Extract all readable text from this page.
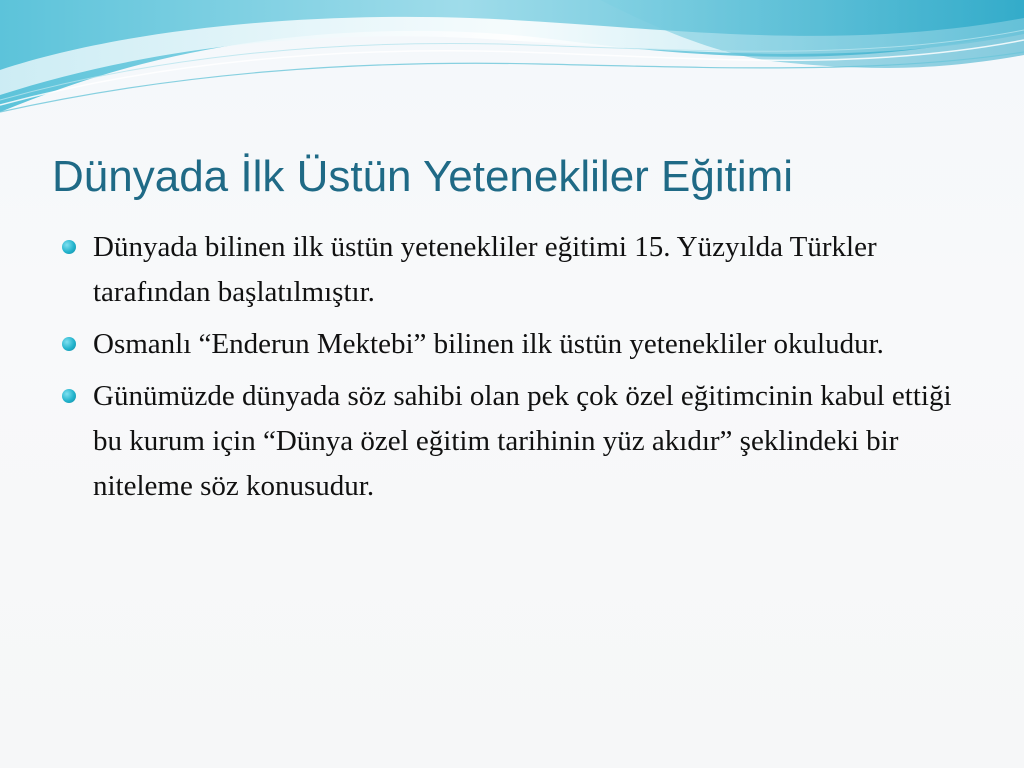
Dünyada İlk Üstün Yetenekliler Eğitimi
Dünyada bilinen ilk üstün yetenekliler eğitimi 15. Yüzyılda Türkler tarafından başlatılmıştır.
Osmanlı “Enderun Mektebi” bilinen ilk üstün yetenekliler okuludur.
Günümüzde dünyada söz sahibi olan pek çok özel eğitimcinin kabul ettiği bu kurum için “Dünya özel eğitim tarihinin yüz akıdır” şeklindeki bir niteleme söz konusudur.
